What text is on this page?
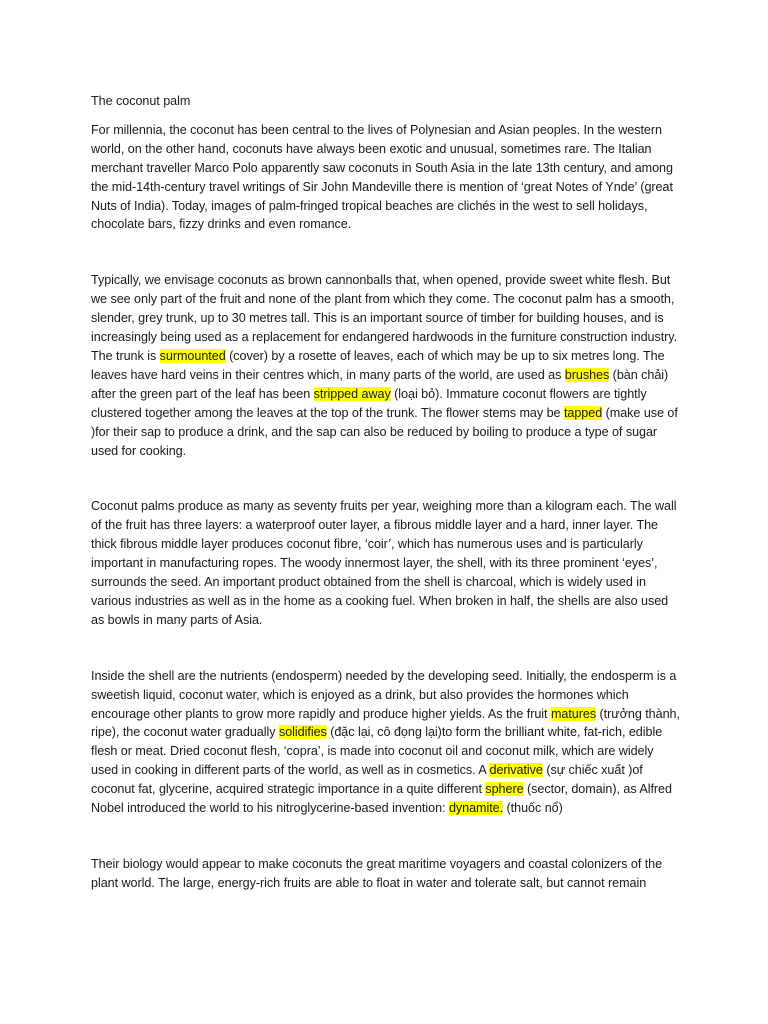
The coconut palm

For millennia, the coconut has been central to the lives of Polynesian and Asian peoples. In the western world, on the other hand, coconuts have always been exotic and unusual, sometimes rare. The Italian merchant traveller Marco Polo apparently saw coconuts in South Asia in the late 13th century, and among the mid-14th-century travel writings of Sir John Mandeville there is mention of ‘great Notes of Ynde’ (great Nuts of India). Today, images of palm-fringed tropical beaches are clichés in the west to sell holidays, chocolate bars, fizzy drinks and even romance.

Typically, we envisage coconuts as brown cannonballs that, when opened, provide sweet white flesh. But we see only part of the fruit and none of the plant from which they come. The coconut palm has a smooth, slender, grey trunk, up to 30 metres tall. This is an important source of timber for building houses, and is increasingly being used as a replacement for endangered hardwoods in the furniture construction industry. The trunk is surmounted (cover) by a rosette of leaves, each of which may be up to six metres long. The leaves have hard veins in their centres which, in many parts of the world, are used as brushes (bàn chải) after the green part of the leaf has been stripped away (loại bỏ). Immature coconut flowers are tightly clustered together among the leaves at the top of the trunk. The flower stems may be tapped (make use of )for their sap to produce a drink, and the sap can also be reduced by boiling to produce a type of sugar used for cooking.

Coconut palms produce as many as seventy fruits per year, weighing more than a kilogram each. The wall of the fruit has three layers: a waterproof outer layer, a fibrous middle layer and a hard, inner layer. The thick fibrous middle layer produces coconut fibre, ‘coir’, which has numerous uses and is particularly important in manufacturing ropes. The woody innermost layer, the shell, with its three prominent ‘eyes’, surrounds the seed. An important product obtained from the shell is charcoal, which is widely used in various industries as well as in the home as a cooking fuel. When broken in half, the shells are also used as bowls in many parts of Asia.

Inside the shell are the nutrients (endosperm) needed by the developing seed. Initially, the endosperm is a sweetish liquid, coconut water, which is enjoyed as a drink, but also provides the hormones which encourage other plants to grow more rapidly and produce higher yields. As the fruit matures (trưởng thành, ripe), the coconut water gradually solidifies (đặc lại, cô đọng lại)to form the brilliant white, fat-rich, edible flesh or meat. Dried coconut flesh, ‘copra’, is made into coconut oil and coconut milk, which are widely used in cooking in different parts of the world, as well as in cosmetics. A derivative (sự chiếc xuất )of coconut fat, glycerine, acquired strategic importance in a quite different sphere (sector, domain), as Alfred Nobel introduced the world to his nitroglycerine-based invention: dynamite. (thuốc nổ)

Their biology would appear to make coconuts the great maritime voyagers and coastal colonizers of the plant world. The large, energy-rich fruits are able to float in water and tolerate salt, but cannot remain
